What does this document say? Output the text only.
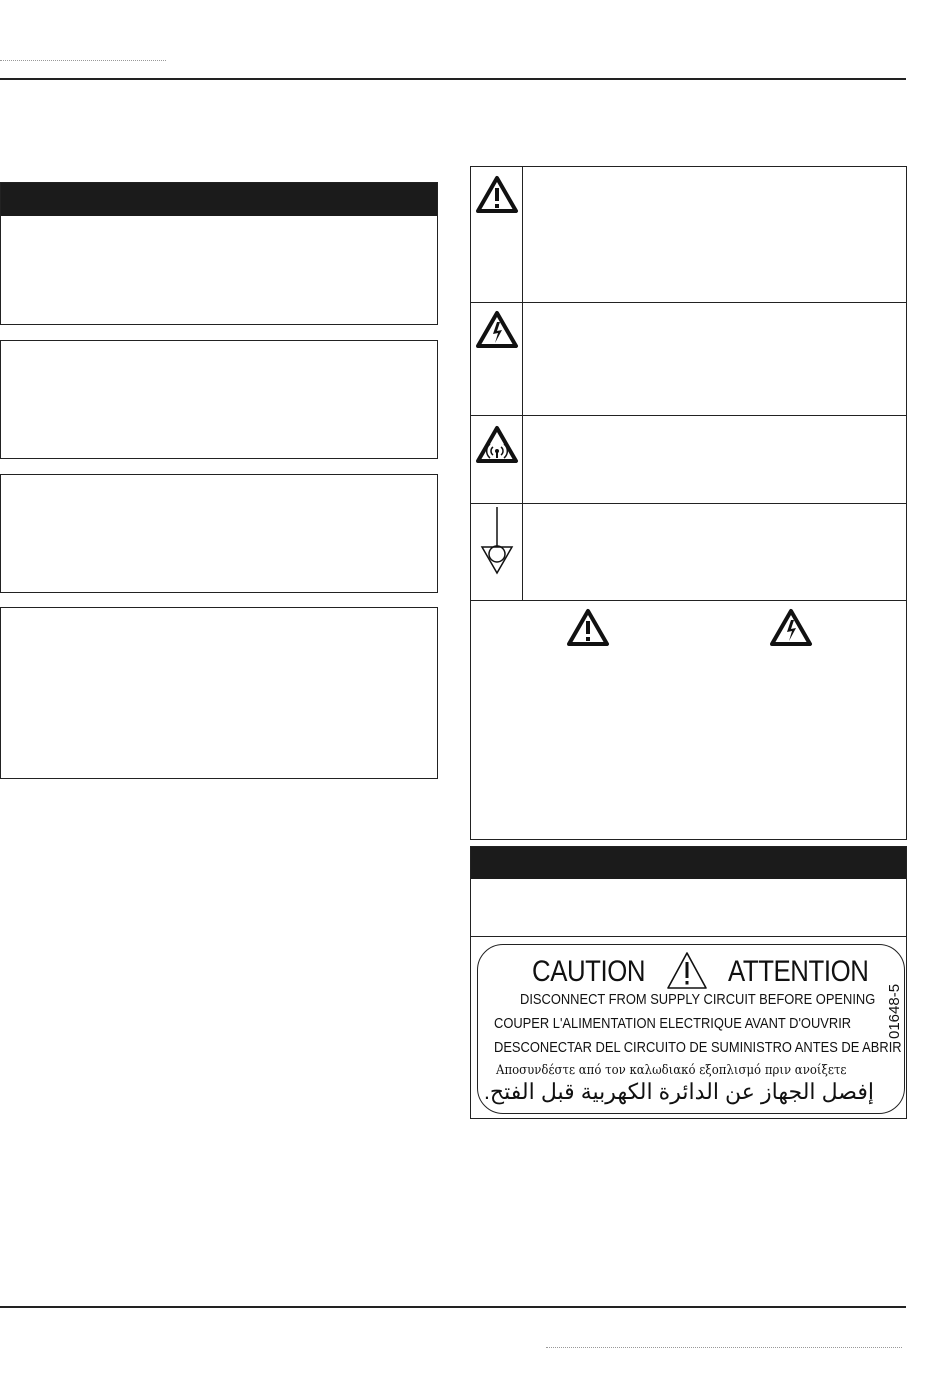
CAUTION	ATTENTION
DISCONNECT FROM SUPPLY CIRCUIT BEFORE OPENING
COUPER L'ALIMENTATION ELECTRIQUE AVANT D'OUVRIR
DESCONECTAR DEL CIRCUITO DE SUMINISTRO ANTES DE ABRIR
Αποσυνδέστε από τον καλωδιακό εξοπλισμό πριν ανοίξετε
إفصل الجهاز عن الدائرة الكهربية قبل الفتح.
01648-5
